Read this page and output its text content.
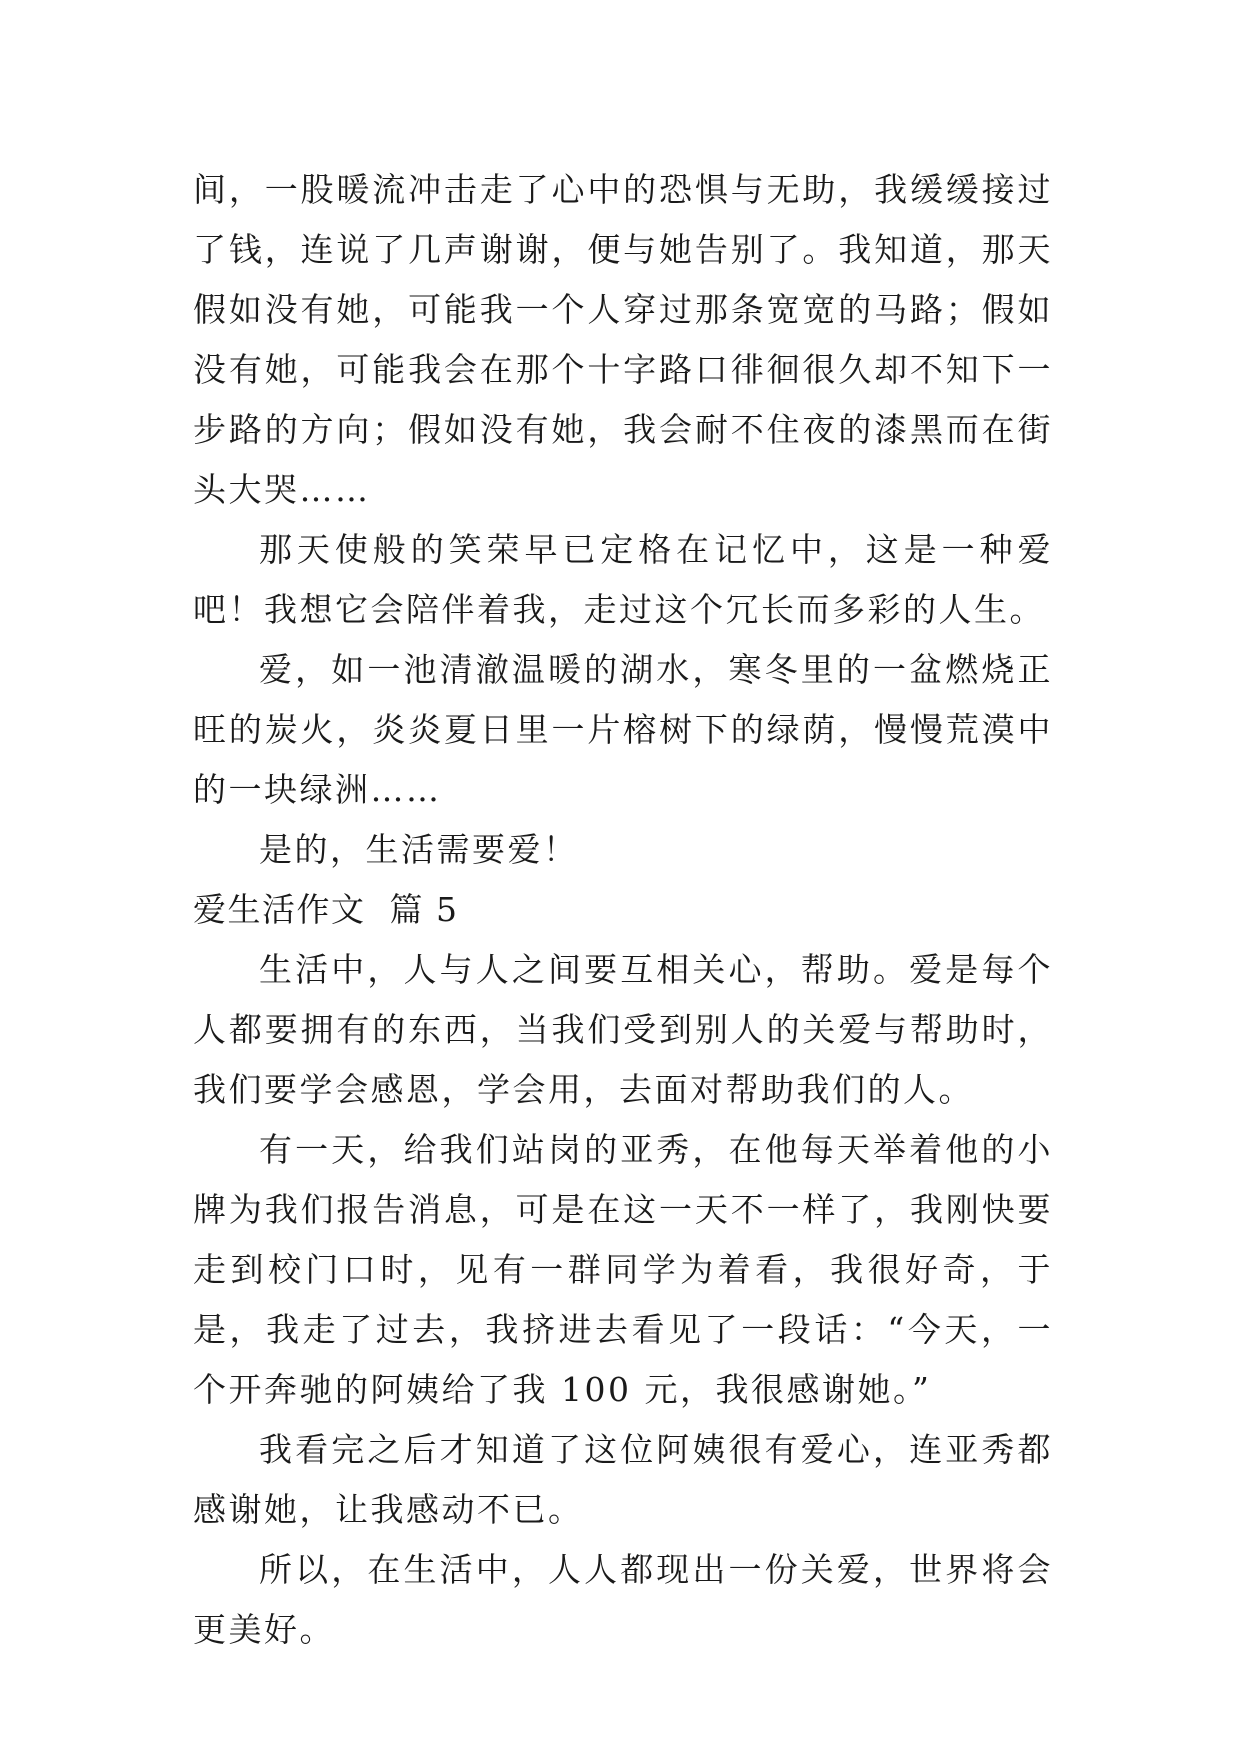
间，一股暖流冲击走了心中的恐惧与无助，我缓缓接过了钱，连说了几声谢谢，便与她告别了。我知道，那天假如没有她，可能我一个人穿过那条宽宽的马路；假如没有她，可能我会在那个十字路口徘徊很久却不知下一步路的方向；假如没有她，我会耐不住夜的漆黑而在街头大哭……

那天使般的笑荣早已定格在记忆中，这是一种爱吧！我想它会陪伴着我，走过这个冗长而多彩的人生。

爱，如一池清澈温暖的湖水，寒冬里的一盆燃烧正旺的炭火，炎炎夏日里一片榕树下的绿荫，慢慢荒漠中的一块绿洲……

是的，生活需要爱！

爱生活作文  篇 5

生活中，人与人之间要互相关心，帮助。爱是每个人都要拥有的东西，当我们受到别人的关爱与帮助时，我们要学会感恩，学会用，去面对帮助我们的人。

有一天，给我们站岗的亚秀，在他每天举着他的小牌为我们报告消息，可是在这一天不一样了，我刚快要走到校门口时，见有一群同学为着看，我很好奇，于是，我走了过去，我挤进去看见了一段话：“今天，一个开奔驰的阿姨给了我 100 元，我很感谢她。”

我看完之后才知道了这位阿姨很有爱心，连亚秀都感谢她，让我感动不已。

所以，在生活中，人人都现出一份关爱，世界将会更美好。
